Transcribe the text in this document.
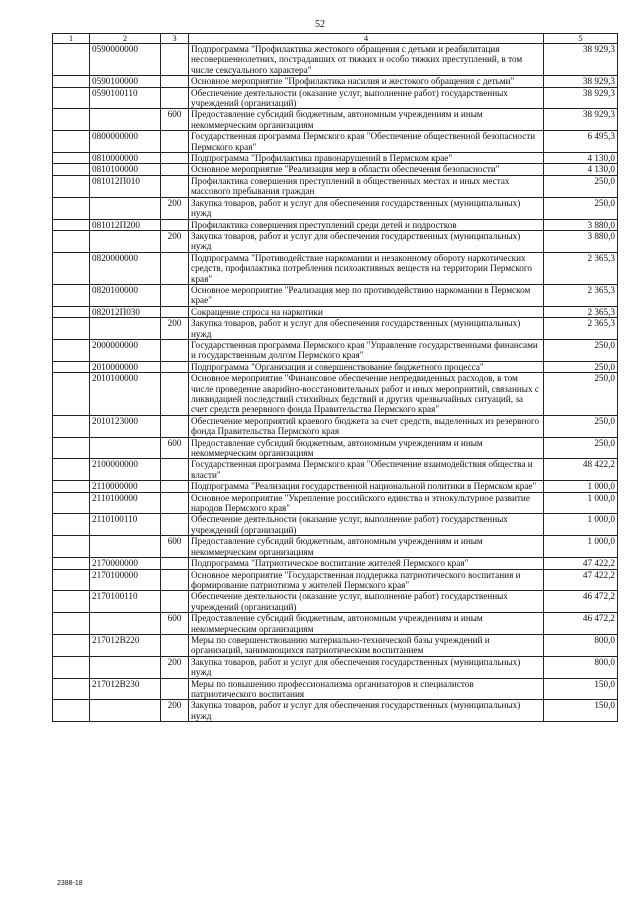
52
1	2	3	4	5
	0590000000		Подпрограмма "Профилактика жестокого обращения с детьми и реабилитация несовершеннолетних, пострадавших от тяжких и особо тяжких преступлений, в том числе сексуального характера"	38 929,3
	0590100000		Основное мероприятие "Профилактика насилия и жестокого обращения с детьми"	38 929,3
	0590100110		Обеспечение деятельности (оказание услуг, выполнение работ) государственных учреждений (организаций)	38 929,3
		600	Предоставление субсидий бюджетным, автономным учреждениям и иным некоммерческим организациям	38 929,3
	0800000000		Государственная программа Пермского края "Обеспечение общественной безопасности Пермского края"	6 495,3
	0810000000		Подпрограмма "Профилактика правонарушений в Пермском крае"	4 130,0
	0810100000		Основное мероприятие "Реализация мер в области обеспечения безопасности"	4 130,0
	081012П010		Профилактика совершения преступлений в общественных местах и иных местах массового пребывания граждан	250,0
		200	Закупка товаров, работ и услуг для обеспечения государственных (муниципальных) нужд	250,0
	081012П200		Профилактика совершения преступлений среди детей и подростков	3 880,0
		200	Закупка товаров, работ и услуг для обеспечения государственных (муниципальных) нужд	3 880,0
	0820000000		Подпрограмма "Противодействие наркомании и незаконному обороту наркотических средств, профилактика потребления психоактивных веществ на территории Пермского края"	2 365,3
	0820100000		Основное мероприятие "Реализация мер по противодействию наркомании в Пермском крае"	2 365,3
	082012П030		Сокращение спроса на наркотики	2 365,3
		200	Закупка товаров, работ и услуг для обеспечения государственных (муниципальных) нужд	2 365,3
	2000000000		Государственная программа Пермского края "Управление государственными финансами и государственным долгом Пермского края"	250,0
	2010000000		Подпрограмма "Организация и совершенствование бюджетного процесса"	250,0
	2010100000		Основное мероприятие "Финансовое обеспечение непредвиденных расходов, в том числе проведение аварийно-восстановительных работ и иных мероприятий, связанных с ликвидацией последствий стихийных бедствий и других чрезвычайных ситуаций, за счет средств резервного фонда Правительства Пермского края"	250,0
	2010123000		Обеспечение мероприятий краевого бюджета за счет средств, выделенных из резервного фонда Правительства Пермского края	250,0
		600	Предоставление субсидий бюджетным, автономным учреждениям и иным некоммерческим организациям	250,0
	2100000000		Государственная программа Пермского края "Обеспечение взаимодействия общества и власти"	48 422,2
	2110000000		Подпрограмма "Реализация государственной национальной политики в Пермском крае"	1 000,0
	2110100000		Основное мероприятие "Укрепление российского единства и этнокультурное развитие народов Пермского края"	1 000,0
	2110100110		Обеспечение деятельности (оказание услуг, выполнение работ) государственных учреждений (организаций)	1 000,0
		600	Предоставление субсидий бюджетным, автономным учреждениям и иным некоммерческим организациям	1 000,0
	2170000000		Подпрограмма "Патриотическое воспитание жителей Пермского края"	47 422,2
	2170100000		Основное мероприятие "Государственная поддержка патриотического воспитания и формирование патриотизма у жителей Пермского края"	47 422,2
	2170100110		Обеспечение деятельности (оказание услуг, выполнение работ) государственных учреждений (организаций)	46 472,2
		600	Предоставление субсидий бюджетным, автономным учреждениям и иным некоммерческим организациям	46 472,2
	217012В220		Меры по совершенствованию материально-технической базы учреждений и организаций, занимающихся патриотическим воспитанием	800,0
		200	Закупка товаров, работ и услуг для обеспечения государственных (муниципальных) нужд	800,0
	217012В230		Меры по повышению профессионализма организаторов и специалистов патриотического воспитания	150,0
		200	Закупка товаров, работ и услуг для обеспечения государственных (муниципальных) нужд	150,0
2388-18
